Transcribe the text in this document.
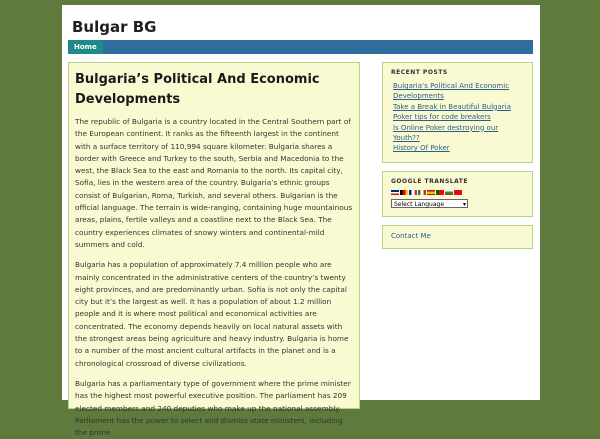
Bulgar BG
Home
Bulgaria’s Political And Economic Developments

The republic of Bulgaria is a country located in the Central Southern part of the European continent. It ranks as the fifteenth largest in the continent with a surface territory of 110,994 square kilometer. Bulgaria shares a border with Greece and Turkey to the south, Serbia and Macedonia to the west, the Black Sea to the east and Romania to the north. Its capital city, Sofia, lies in the western area of the country. Bulgaria’s ethnic groups consist of Bulgarian, Roma, Turkish, and several others. Bulgarian is the official language. The terrain is wide-ranging, containing huge mountainous areas, plains, fertile valleys and a coastline next to the Black Sea. The country experiences climates of snowy winters and continental-mild summers and cold.

Bulgaria has a population of approximately 7.4 million people who are mainly concentrated in the administrative centers of the country’s twenty eight provinces, and are predominantly urban. Sofia is not only the capital city but it’s the largest as well. It has a population of about 1.2 million people and it is where most political and economical activities are concentrated. The economy depends heavily on local natural assets with the strongest areas being agriculture and heavy industry. Bulgaria is home to a number of the most ancient cultural artifacts in the planet and is a chronological crossroad of diverse civilizations.

Bulgaria has a parliamentary type of government where the prime minister has the highest most powerful executive position. The parliament has 209 elected members and 240 deputies who make up the national assembly. Parliament has the power to select and dismiss state ministers, including the prime

RECENT POSTS
Bulgaria’s Political And Economic Developments
Take a Break in Beautiful Bulgaria
Poker tips for code breakers
Is Online Poker destroying our Youth??
History Of Poker
GOOGLE TRANSLATE
Select Language	▾
Contact Me
